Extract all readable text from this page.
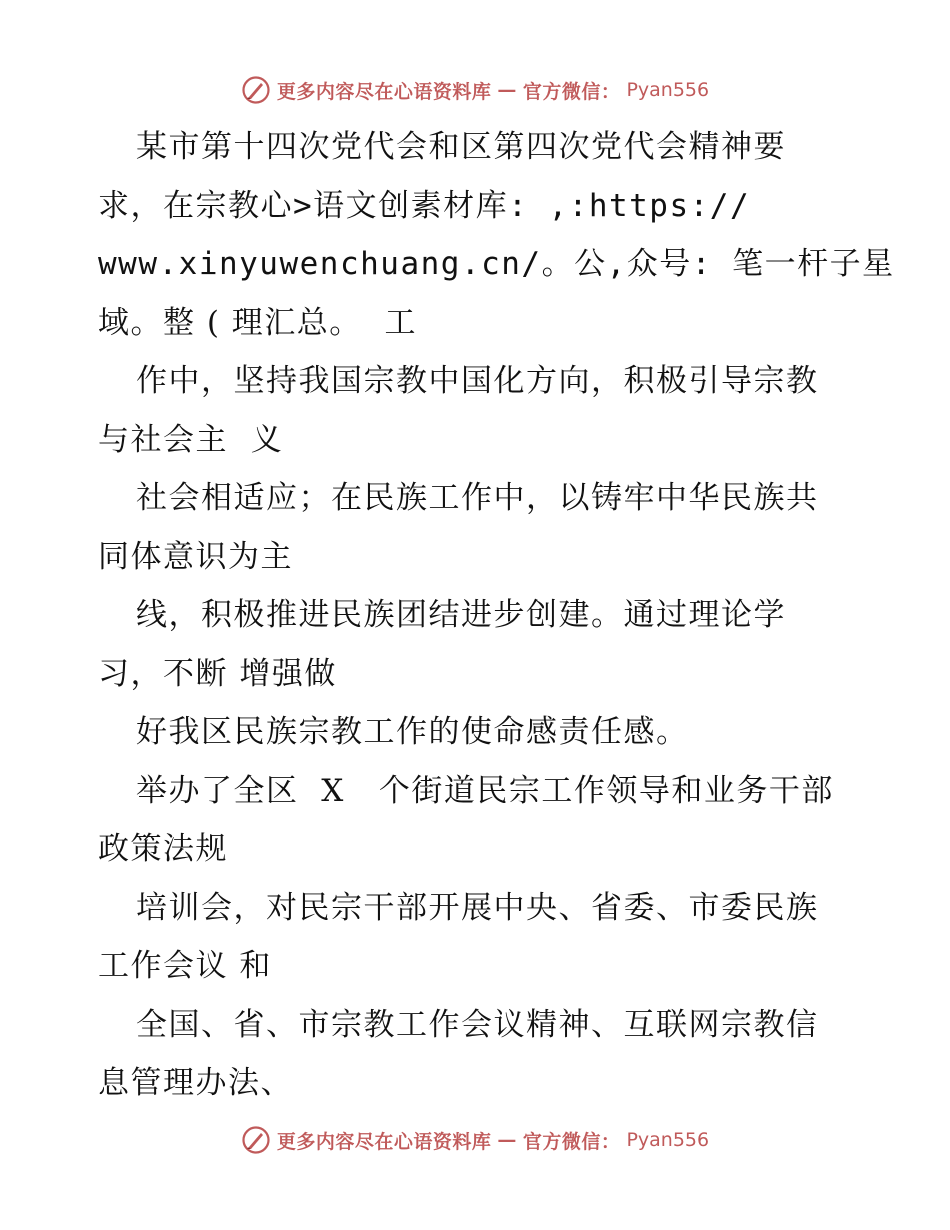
更多内容尽在心语资料库 — 官方微信： Pyan556
某市第十四次党代会和区第四次党代会精神要
求，在宗教心>语文创素材库: ,:https://
www.xinyuwenchuang.cn/。公,众号: 笔一杆子星
域。整 ( 理汇总。  工
作中，坚持我国宗教中国化方向，积极引导宗教
与社会主  义
社会相适应；在民族工作中，以铸牢中华民族共
同体意识为主
线，积极推进民族团结进步创建。通过理论学
习，不断 增强做
好我区民族宗教工作的使命感责任感。
举办了全区  X   个街道民宗工作领导和业务干部
政策法规
培训会，对民宗干部开展中央、省委、市委民族
工作会议 和
全国、省、市宗教工作会议精神、互联网宗教信
息管理办法、
更多内容尽在心语资料库 — 官方微信： Pyan556
